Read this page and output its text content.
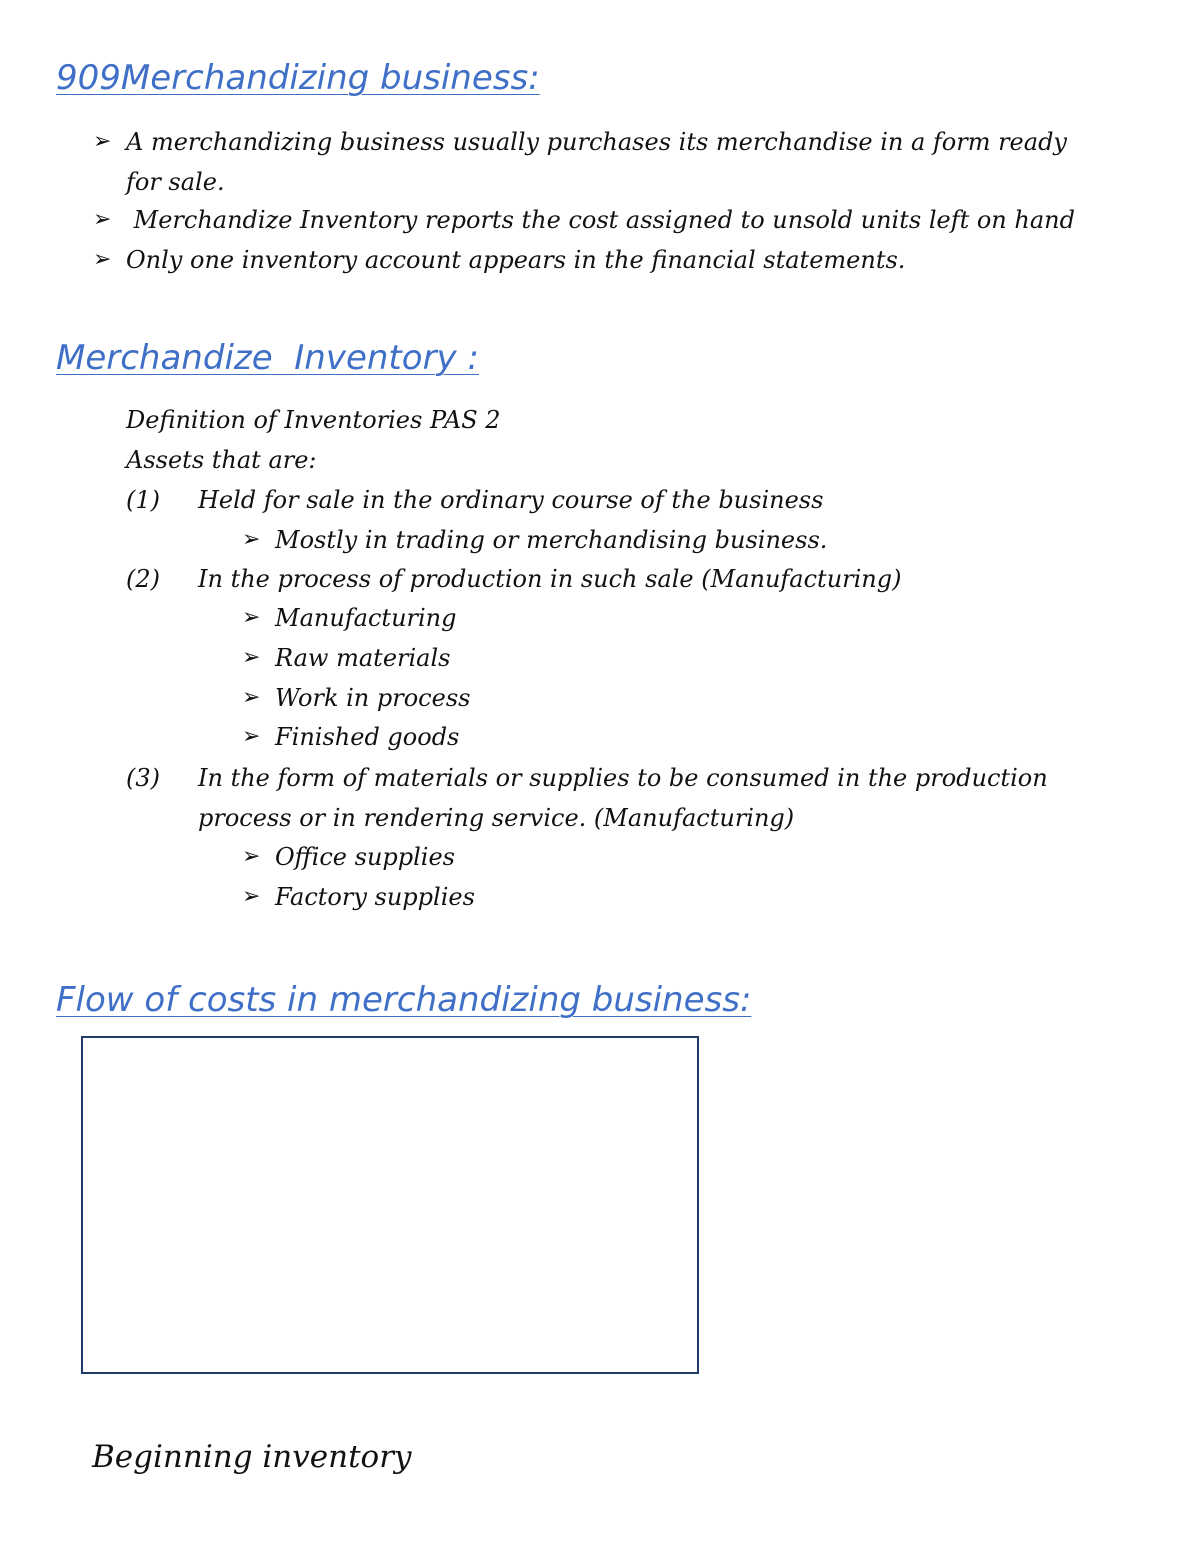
909Merchandizing business:
➢ A merchandizing business usually purchases its merchandise in a form ready

for sale.

➢ Merchandize Inventory reports the cost assigned to unsold units left on hand

➢ Only one inventory account appears in the financial statements.

Merchandize  Inventory :

Definition of Inventories PAS 2

Assets that are:

(1) Held for sale in the ordinary course of the business

➢ Mostly in trading or merchandising business.

(2) In the process of production in such sale (Manufacturing)

➢ Manufacturing

➢ Raw materials

➢ Work in process

➢ Finished goods

(3) In the form of materials or supplies to be consumed in the production

process or in rendering service. (Manufacturing)

➢ Office supplies

➢ Factory supplies

Flow of costs in merchandizing business:

Beginning inventory
